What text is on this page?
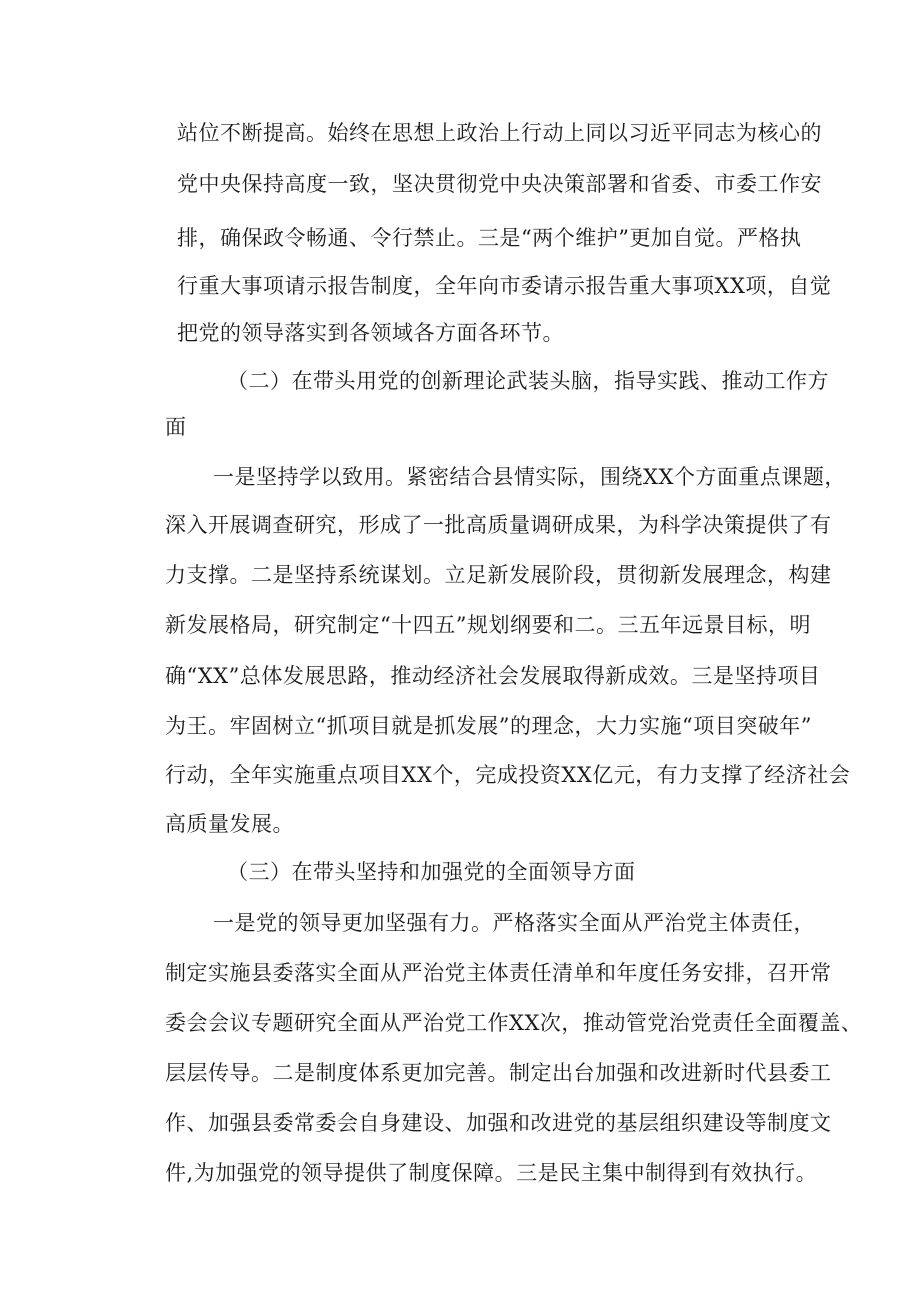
站位不断提高。始终在思想上政治上行动上同以习近平同志为核心的
党中央保持高度一致，坚决贯彻党中央决策部署和省委、市委工作安
排，确保政令畅通、令行禁止。三是“两个维护”更加自觉。严格执
行重大事项请示报告制度，全年向市委请示报告重大事项XX项，自觉
把党的领导落实到各领域各方面各环节。
（二）在带头用党的创新理论武装头脑，指导实践、推动工作方
面
一是坚持学以致用。紧密结合县情实际，围绕XX个方面重点课题，
深入开展调查研究，形成了一批高质量调研成果，为科学决策提供了有
力支撑。二是坚持系统谋划。立足新发展阶段，贯彻新发展理念，构建
新发展格局，研究制定“十四五”规划纲要和二。三五年远景目标，明
确“XX”总体发展思路，推动经济社会发展取得新成效。三是坚持项目
为王。牢固树立“抓项目就是抓发展”的理念，大力实施“项目突破年”
行动，全年实施重点项目XX个，完成投资XX亿元，有力支撑了经济社会
高质量发展。
（三）在带头坚持和加强党的全面领导方面
一是党的领导更加坚强有力。严格落实全面从严治党主体责任，
制定实施县委落实全面从严治党主体责任清单和年度任务安排，召开常
委会会议专题研究全面从严治党工作XX次，推动管党治党责任全面覆盖、
层层传导。二是制度体系更加完善。制定出台加强和改进新时代县委工
作、加强县委常委会自身建设、加强和改进党的基层组织建设等制度文
件,为加强党的领导提供了制度保障。三是民主集中制得到有效执行。
